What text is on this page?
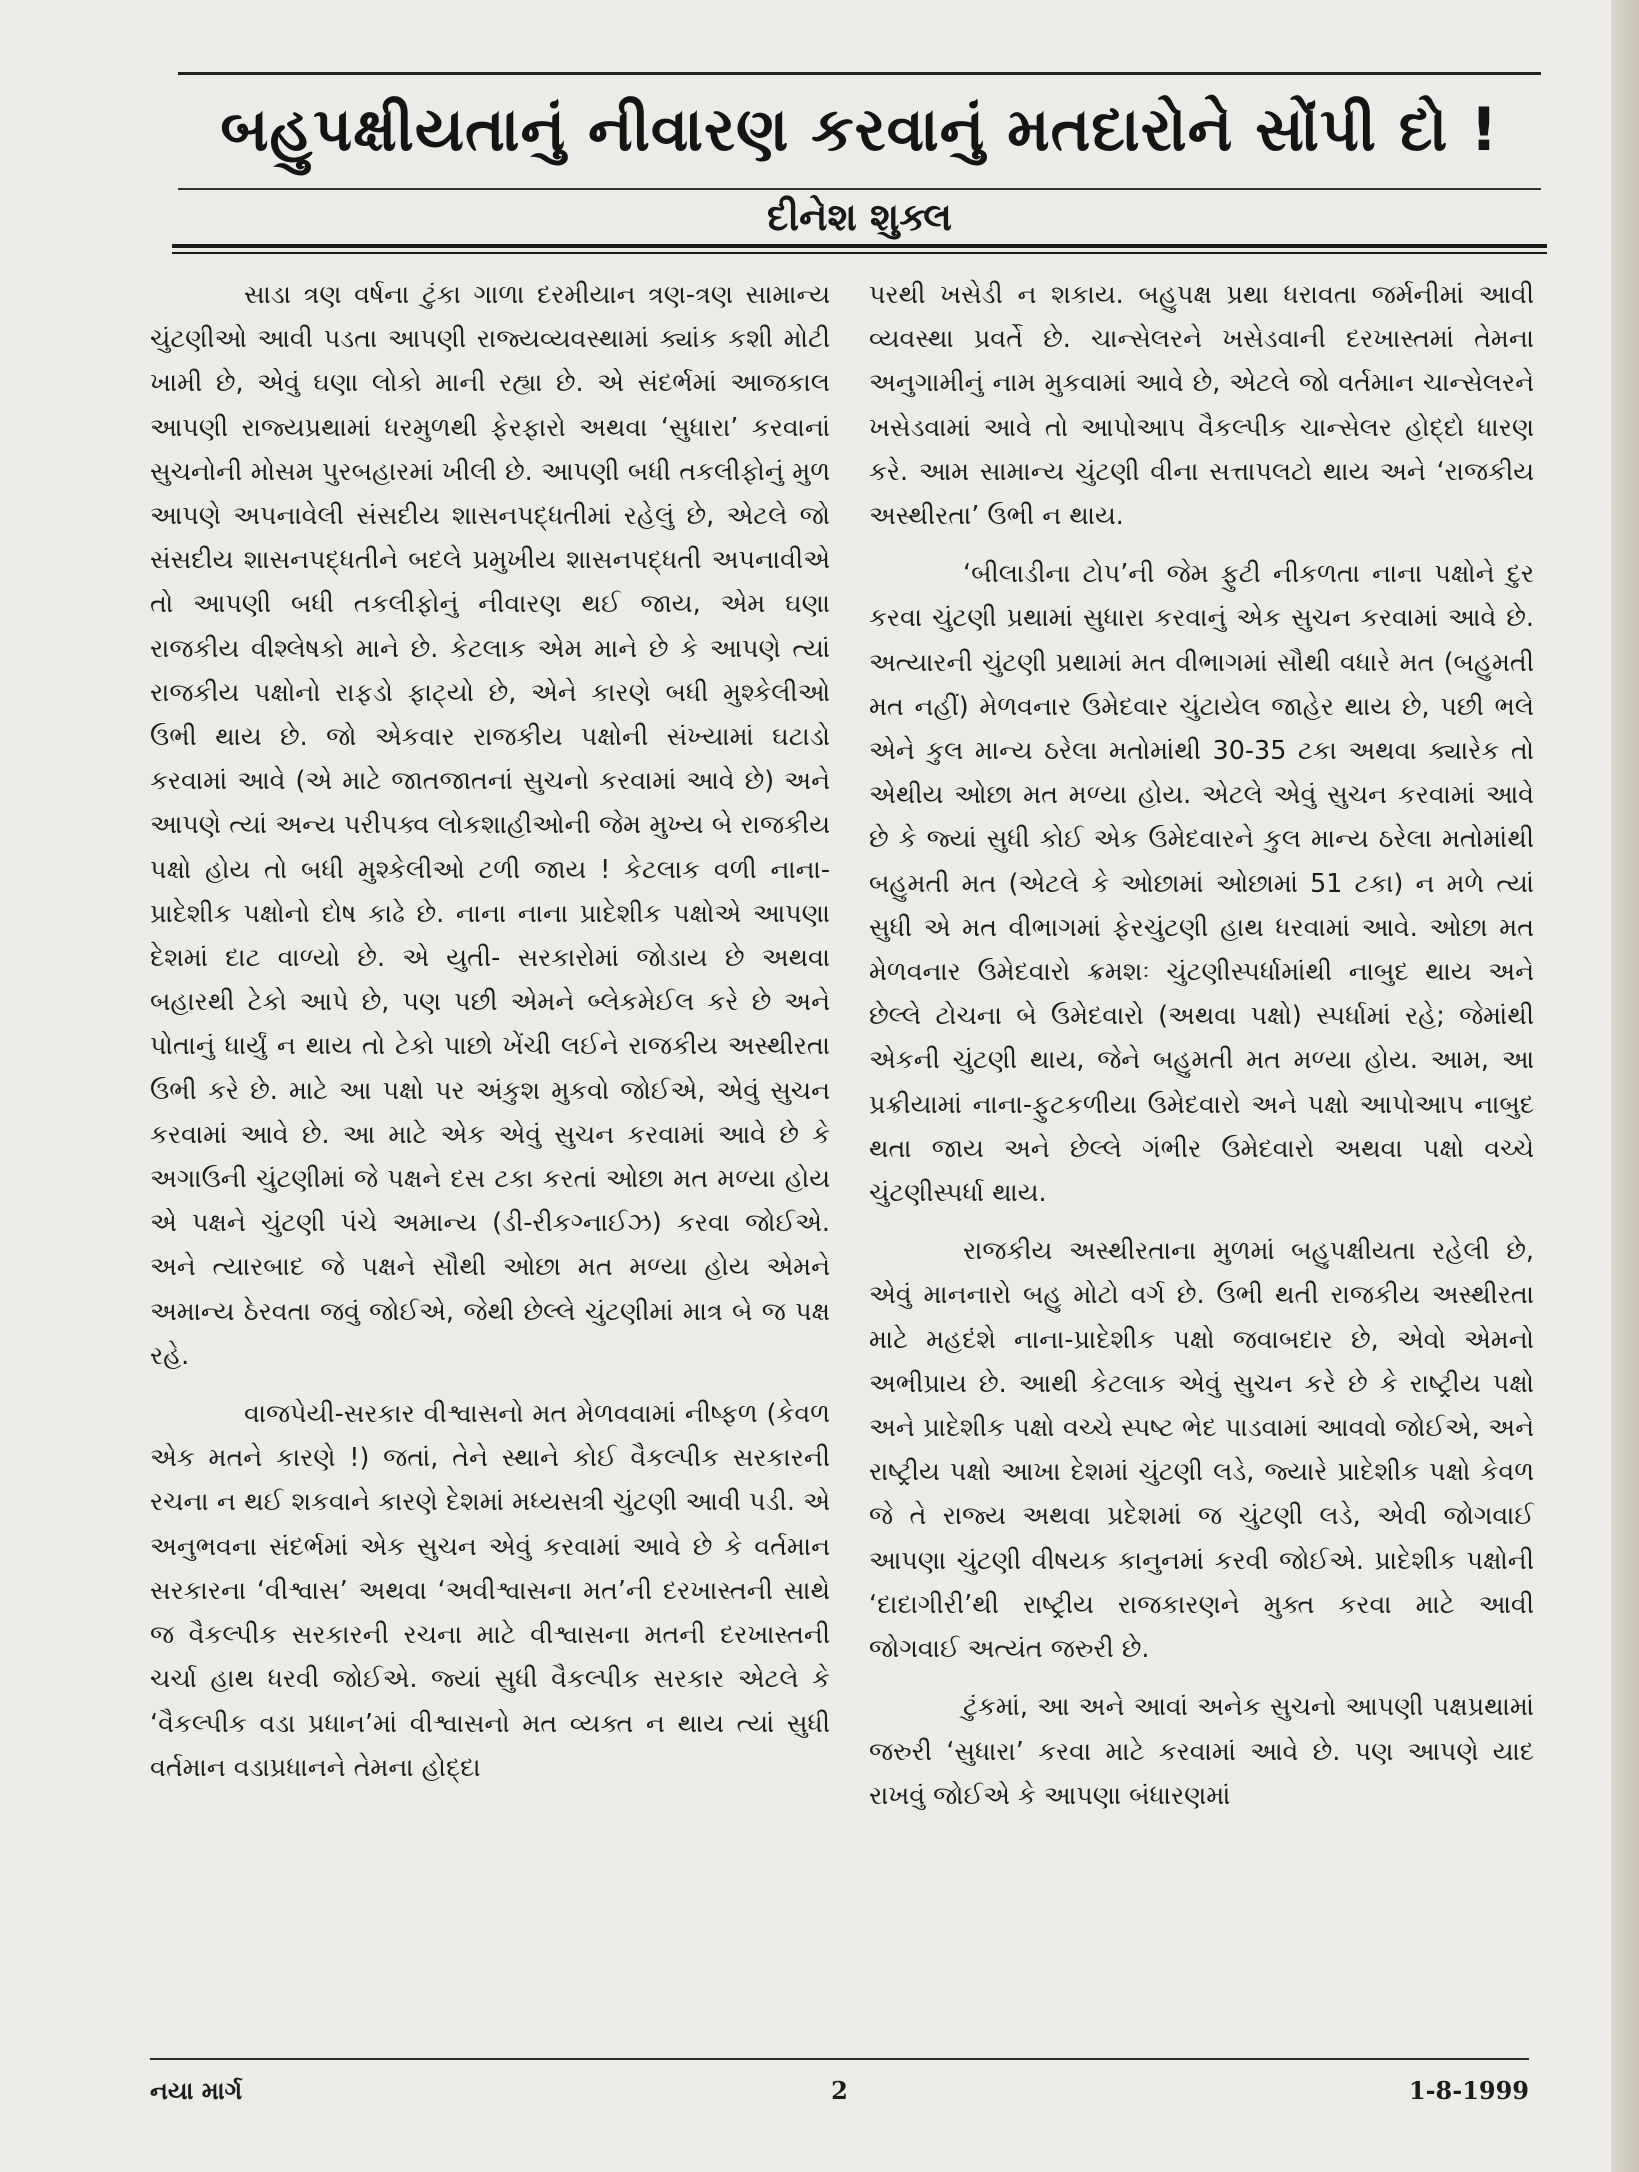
બહુપક્ષીયતાનું નીવારણ કરવાનું મતદારોને સોંપી દો !
દીનેશ શુક્લ

સાડા ત્રણ વર્ષના ટુંકા ગાળા દરમીયાન ત્રણ-ત્રણ સામાન્ય ચુંટણીઓ આવી પડતા આપણી રાજ્યવ્યવસ્થામાં ક્યાંક કશી મોટી ખામી છે, એવું ઘણા લોકો માની રહ્યા છે. એ સંદર્ભમાં આજકાલ આપણી રાજ્યપ્રથામાં ધરમુળથી ફેરફારો અથવા ‘સુધારા’ કરવાનાં સુચનોની મોસમ પુરબહારમાં ખીલી છે. આપણી બધી તકલીફોનું મુળ આપણે અપનાવેલી સંસદીય શાસનપદ્ધતીમાં રહેલું છે, એટલે જો સંસદીય શાસનપદ્ધતીને બદલે પ્રમુખીય શાસનપદ્ધતી અપનાવીએ તો આપણી બધી તકલીફોનું નીવારણ થઈ જાય, એમ ઘણા રાજકીય વીશ્લેષકો માને છે. કેટલાક એમ માને છે કે આપણે ત્યાં રાજકીય પક્ષોનો રાફડો ફાટ્યો છે, એને કારણે બધી મુશ્કેલીઓ ઉભી થાય છે. જો એકવાર રાજકીય પક્ષોની સંખ્યામાં ઘટાડો કરવામાં આવે (એ માટે જાતજાતનાં સુચનો કરવામાં આવે છે) અને આપણે ત્યાં અન્ય પરીપક્વ લોકશાહીઓની જેમ મુખ્ય બે રાજકીય પક્ષો હોય તો બધી મુશ્કેલીઓ ટળી જાય ! કેટલાક વળી નાના-પ્રાદેશીક પક્ષોનો દોષ કાઢે છે. નાના નાના પ્રાદેશીક પક્ષોએ આપણા દેશમાં દાટ વાળ્યો છે. એ યુતી- સરકારોમાં જોડાય છે અથવા બહારથી ટેકો આપે છે, પણ પછી એમને બ્લેકમેઈલ કરે છે અને પોતાનું ધાર્યું ન થાય તો ટેકો પાછો ખેંચી લઈને રાજકીય અસ્થીરતા ઉભી કરે છે. માટે આ પક્ષો પર અંકુશ મુકવો જોઈએ, એવું સુચન કરવામાં આવે છે. આ માટે એક એવું સુચન કરવામાં આવે છે કે અગાઉની ચુંટણીમાં જે પક્ષને દસ ટકા કરતાં ઓછા મત મળ્યા હોય એ પક્ષને ચુંટણી પંચે અમાન્ય (ડી-રીકગ્નાઈઝ) કરવા જોઈએ. અને ત્યારબાદ જે પક્ષને સૌથી ઓછા મત મળ્યા હોય એમને અમાન્ય ઠેરવતા જવું જોઈએ, જેથી છેલ્લે ચુંટણીમાં માત્ર બે જ પક્ષ રહે.

વાજપેયી-સરકાર વીશ્વાસનો મત મેળવવામાં નીષ્ફળ (કેવળ એક મતને કારણે !) જતાં, તેને સ્થાને કોઈ વૈકલ્પીક સરકારની રચના ન થઈ શકવાને કારણે દેશમાં મધ્યસત્રી ચુંટણી આવી પડી. એ અનુભવના સંદર્ભમાં એક સુચન એવું કરવામાં આવે છે કે વર્તમાન સરકારના ‘વીશ્વાસ’ અથવા ‘અવીશ્વાસના મત’ની દરખાસ્તની સાથે જ વૈકલ્પીક સરકારની રચના માટે વીશ્વાસના મતની દરખાસ્તની ચર્ચા હાથ ધરવી જોઈએ. જ્યાં સુધી વૈકલ્પીક સરકાર એટલે કે ‘વૈકલ્પીક વડા પ્રધાન’માં વીશ્વાસનો મત વ્યક્ત ન થાય ત્યાં સુધી વર્તમાન વડાપ્રધાનને તેમના હોદ્દા

પરથી ખસેડી ન શકાય. બહુપક્ષ પ્રથા ધરાવતા જર્મનીમાં આવી વ્યવસ્થા પ્રવર્તે છે. ચાન્સેલરને ખસેડવાની દરખાસ્તમાં તેમના અનુગામીનું નામ મુકવામાં આવે છે, એટલે જો વર્તમાન ચાન્સેલરને ખસેડવામાં આવે તો આપોઆપ વૈકલ્પીક ચાન્સેલર હોદ્દો ધારણ કરે. આમ સામાન્ય ચુંટણી વીના સત્તાપલટો થાય અને ‘રાજકીય અસ્થીરતા’ ઉભી ન થાય.

‘બીલાડીના ટોપ’ની જેમ ફુટી નીકળતા નાના પક્ષોને દુર કરવા ચુંટણી પ્રથામાં સુધારા કરવાનું એક સુચન કરવામાં આવે છે. અત્યારની ચુંટણી પ્રથામાં મત વીભાગમાં સૌથી વધારે મત (બહુમતી મત નહીં) મેળવનાર ઉમેદવાર ચુંટાયેલ જાહેર થાય છે, પછી ભલે એને કુલ માન્ય ઠરેલા મતોમાંથી 30-35 ટકા અથવા ક્યારેક તો એથીય ઓછા મત મળ્યા હોય. એટલે એવું સુચન કરવામાં આવે છે કે જ્યાં સુધી કોઈ એક ઉમેદવારને કુલ માન્ય ઠરેલા મતોમાંથી બહુમતી મત (એટલે કે ઓછામાં ઓછામાં 51 ટકા) ન મળે ત્યાં સુધી એ મત વીભાગમાં ફેરચુંટણી હાથ ધરવામાં આવે. ઓછા મત મેળવનાર ઉમેદવારો ક્રમશઃ ચુંટણીસ્પર્ધામાંથી નાબુદ થાય અને છેલ્લે ટોચના બે ઉમેદવારો (અથવા પક્ષો) સ્પર્ધામાં રહે; જેમાંથી એકની ચુંટણી થાય, જેને બહુમતી મત મળ્યા હોય. આમ, આ પ્રક્રીયામાં નાના-ફુટકળીયા ઉમેદવારો અને પક્ષો આપોઆપ નાબુદ થતા જાય અને છેલ્લે ગંભીર ઉમેદવારો અથવા પક્ષો વચ્ચે ચુંટણીસ્પર્ધા થાય.

રાજકીય અસ્થીરતાના મુળમાં બહુપક્ષીયતા રહેલી છે, એવું માનનારો બહુ મોટો વર્ગ છે. ઉભી થતી રાજકીય અસ્થીરતા માટે મહદંશે નાના-પ્રાદેશીક પક્ષો જવાબદાર છે, એવો એમનો અભીપ્રાય છે. આથી કેટલાક એવું સુચન કરે છે કે રાષ્ટ્રીય પક્ષો અને પ્રાદેશીક પક્ષો વચ્ચે સ્પષ્ટ ભેદ પાડવામાં આવવો જોઈએ, અને રાષ્ટ્રીય પક્ષો આખા દેશમાં ચુંટણી લડે, જ્યારે પ્રાદેશીક પક્ષો કેવળ જે તે રાજ્ય અથવા પ્રદેશમાં જ ચુંટણી લડે, એવી જોગવાઈ આપણા ચુંટણી વીષયક કાનુનમાં કરવી જોઈએ. પ્રાદેશીક પક્ષોની ‘દાદાગીરી’થી રાષ્ટ્રીય રાજકારણને મુક્ત કરવા માટે આવી જોગવાઈ અત્યંત જરુરી છે.

ટુંકમાં, આ અને આવાં અનેક સુચનો આપણી પક્ષપ્રથામાં જરુરી ‘સુધારા’ કરવા માટે કરવામાં આવે છે. પણ આપણે યાદ રાખવું જોઈએ કે આપણા બંધારણમાં

નયા માર્ગ	2	1-8-1999
